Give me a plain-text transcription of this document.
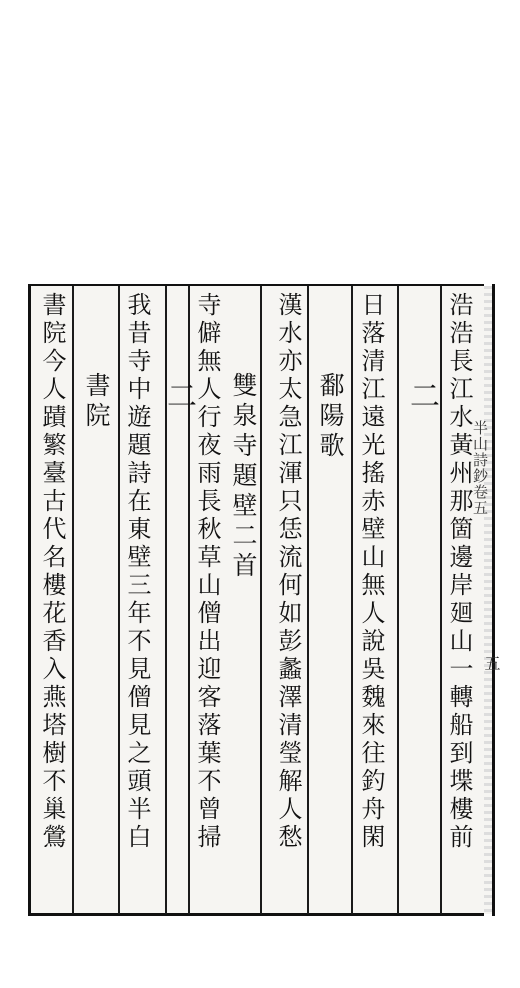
浩浩長江水黃州那箇邊岸廻山一轉船到堞樓前
二
日落清江遠光搖赤壁山無人說吳魏來往釣舟閑
鄱陽歌
漢水亦太急江渾只恁流何如彭蠡澤清瑩解人愁
雙泉寺題壁二首
寺僻無人行夜雨長秋草山僧出迎客落葉不曾掃
二
我昔寺中遊題詩在東壁三年不見僧見之頭半白
書院
書院今人蹟繁臺古代名樓花香入燕塔樹不巢鶯	半山詩鈔卷五
五
